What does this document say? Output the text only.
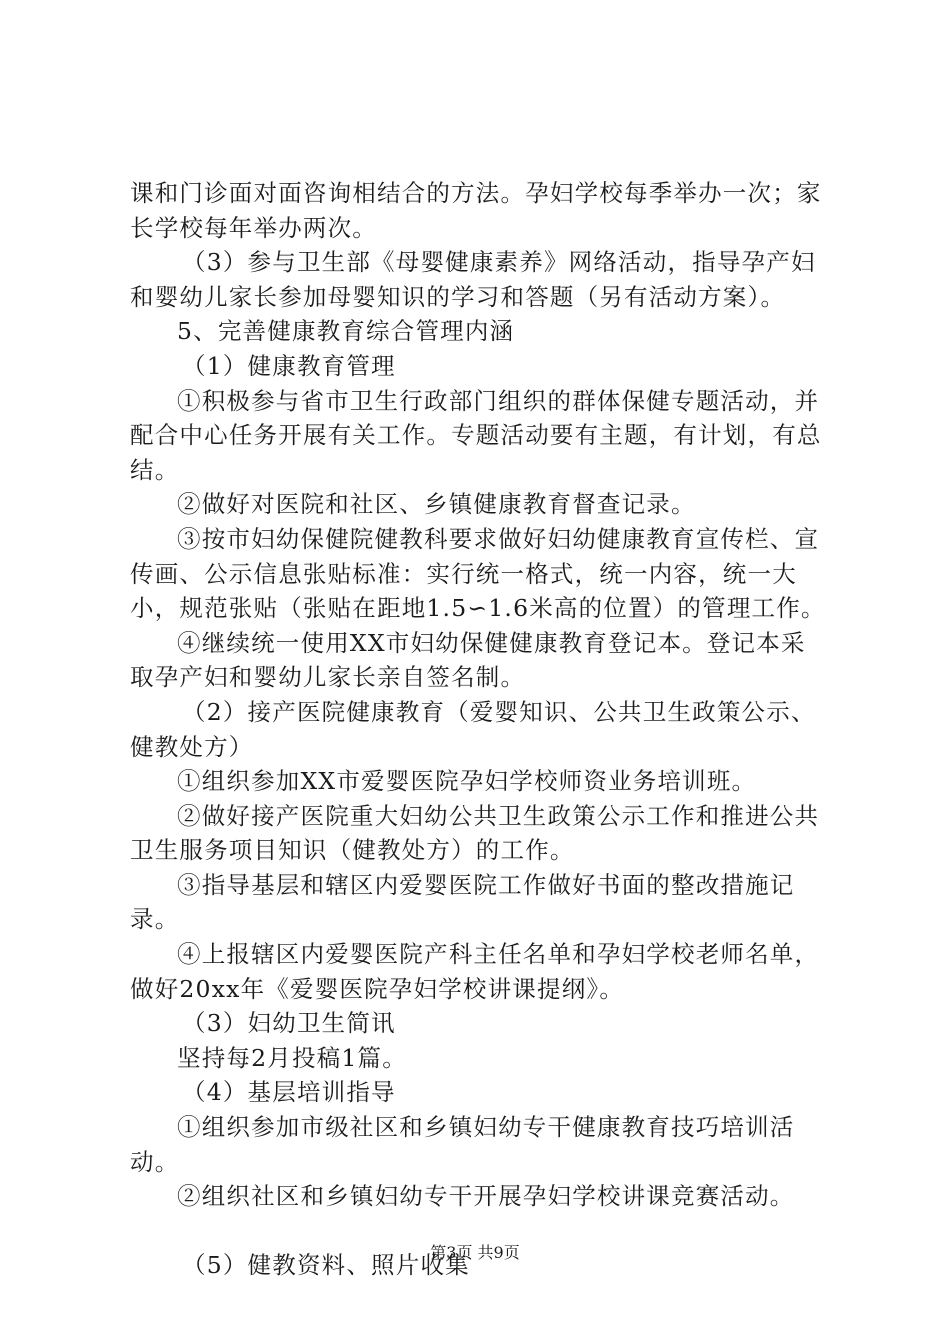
课和门诊面对面咨询相结合的方法。孕妇学校每季举办一次；家长学校每年举办两次。

（3）参与卫生部《母婴健康素养》网络活动，指导孕产妇和婴幼儿家长参加母婴知识的学习和答题（另有活动方案）。

5、完善健康教育综合管理内涵

（1）健康教育管理

①积极参与省市卫生行政部门组织的群体保健专题活动，并配合中心任务开展有关工作。专题活动要有主题，有计划，有总结。

②做好对医院和社区、乡镇健康教育督查记录。

③按市妇幼保健院健教科要求做好妇幼健康教育宣传栏、宣传画、公示信息张贴标准：实行统一格式，统一内容，统一大小，规范张贴（张贴在距地1.5∽1.6米高的位置）的管理工作。

④继续统一使用XX市妇幼保健健康教育登记本。登记本采取孕产妇和婴幼儿家长亲自签名制。

（2）接产医院健康教育（爱婴知识、公共卫生政策公示、健教处方）

①组织参加XX市爱婴医院孕妇学校师资业务培训班。

②做好接产医院重大妇幼公共卫生政策公示工作和推进公共卫生服务项目知识（健教处方）的工作。

③指导基层和辖区内爱婴医院工作做好书面的整改措施记录。

④上报辖区内爱婴医院产科主任名单和孕妇学校老师名单，做好20xx年《爱婴医院孕妇学校讲课提纲》。

（3）妇幼卫生简讯

坚持每2月投稿1篇。

（4）基层培训指导

①组织参加市级社区和乡镇妇幼专干健康教育技巧培训活动。

②组织社区和乡镇妇幼专干开展孕妇学校讲课竞赛活动。

（5）健教资料、照片收集

第3页 共9页
